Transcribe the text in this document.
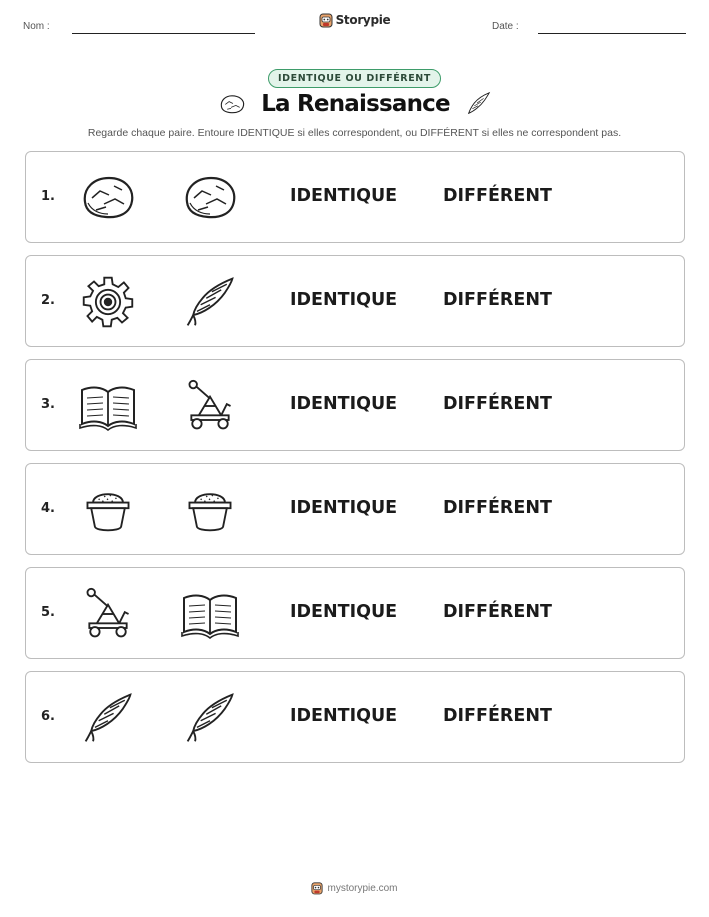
Nom :	Date :
Storypie
IDENTIQUE OU DIFFÉRENT
La Renaissance
Regarde chaque paire. Entoure IDENTIQUE si elles correspondent, ou DIFFÉRENT si elles ne correspondent pas.
1.	IDENTIQUE	DIFFÉRENT
2.	IDENTIQUE	DIFFÉRENT
3.	IDENTIQUE	DIFFÉRENT
4.	IDENTIQUE	DIFFÉRENT
5.	IDENTIQUE	DIFFÉRENT
6.	IDENTIQUE	DIFFÉRENT
mystorypie.com
